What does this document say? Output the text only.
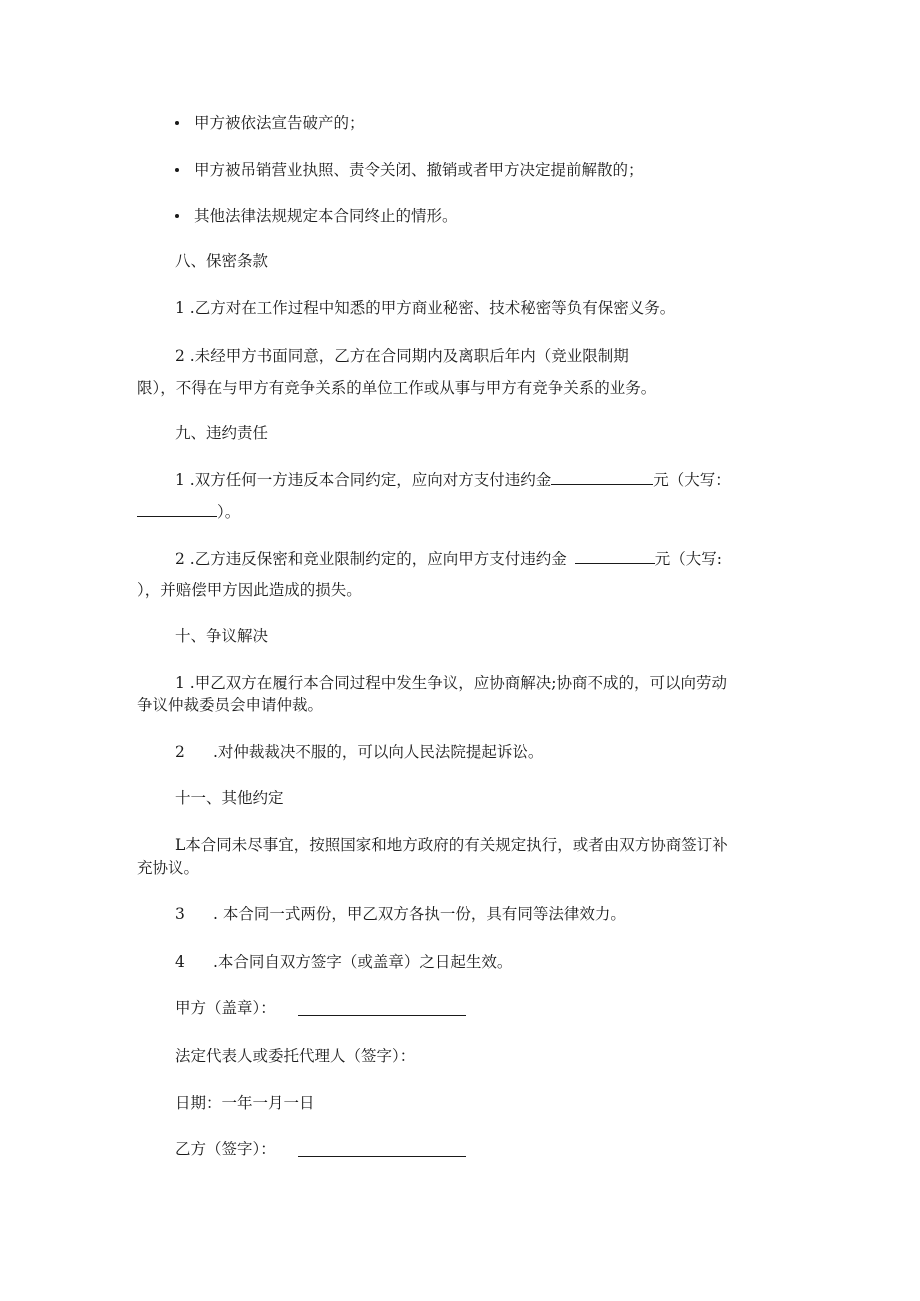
甲方被依法宣告破产的；
甲方被吊销营业执照、责令关闭、撤销或者甲方决定提前解散的；
其他法律法规规定本合同终止的情形。
八、保密条款
1 .乙方对在工作过程中知悉的甲方商业秘密、技术秘密等负有保密义务。
2 .未经甲方书面同意，乙方在合同期内及离职后年内（竞业限制期
限），不得在与甲方有竞争关系的单位工作或从事与甲方有竞争关系的业务。
九、违约责任
1 .双方任何一方违反本合同约定，应向对方支付违约金	元（大写：
）。
2 .乙方违反保密和竞业限制约定的，应向甲方支付违约金	元（大写:
），并赔偿甲方因此造成的损失。
十、争议解决
1 .甲乙双方在履行本合同过程中发生争议，应协商解决;协商不成的，可以向劳动
争议仲裁委员会申请仲裁。
2 .对仲裁裁决不服的，可以向人民法院提起诉讼。
十一、其他约定
L本合同未尽事宜，按照国家和地方政府的有关规定执行，或者由双方协商签订补
充协议。
3 . 本合同一式两份，甲乙双方各执一份，具有同等法律效力。
4 .本合同自双方签字（或盖章）之日起生效。
甲方（盖章）：
法定代表人或委托代理人（签字）：
日期：一年一月一日
乙方（签字）：
